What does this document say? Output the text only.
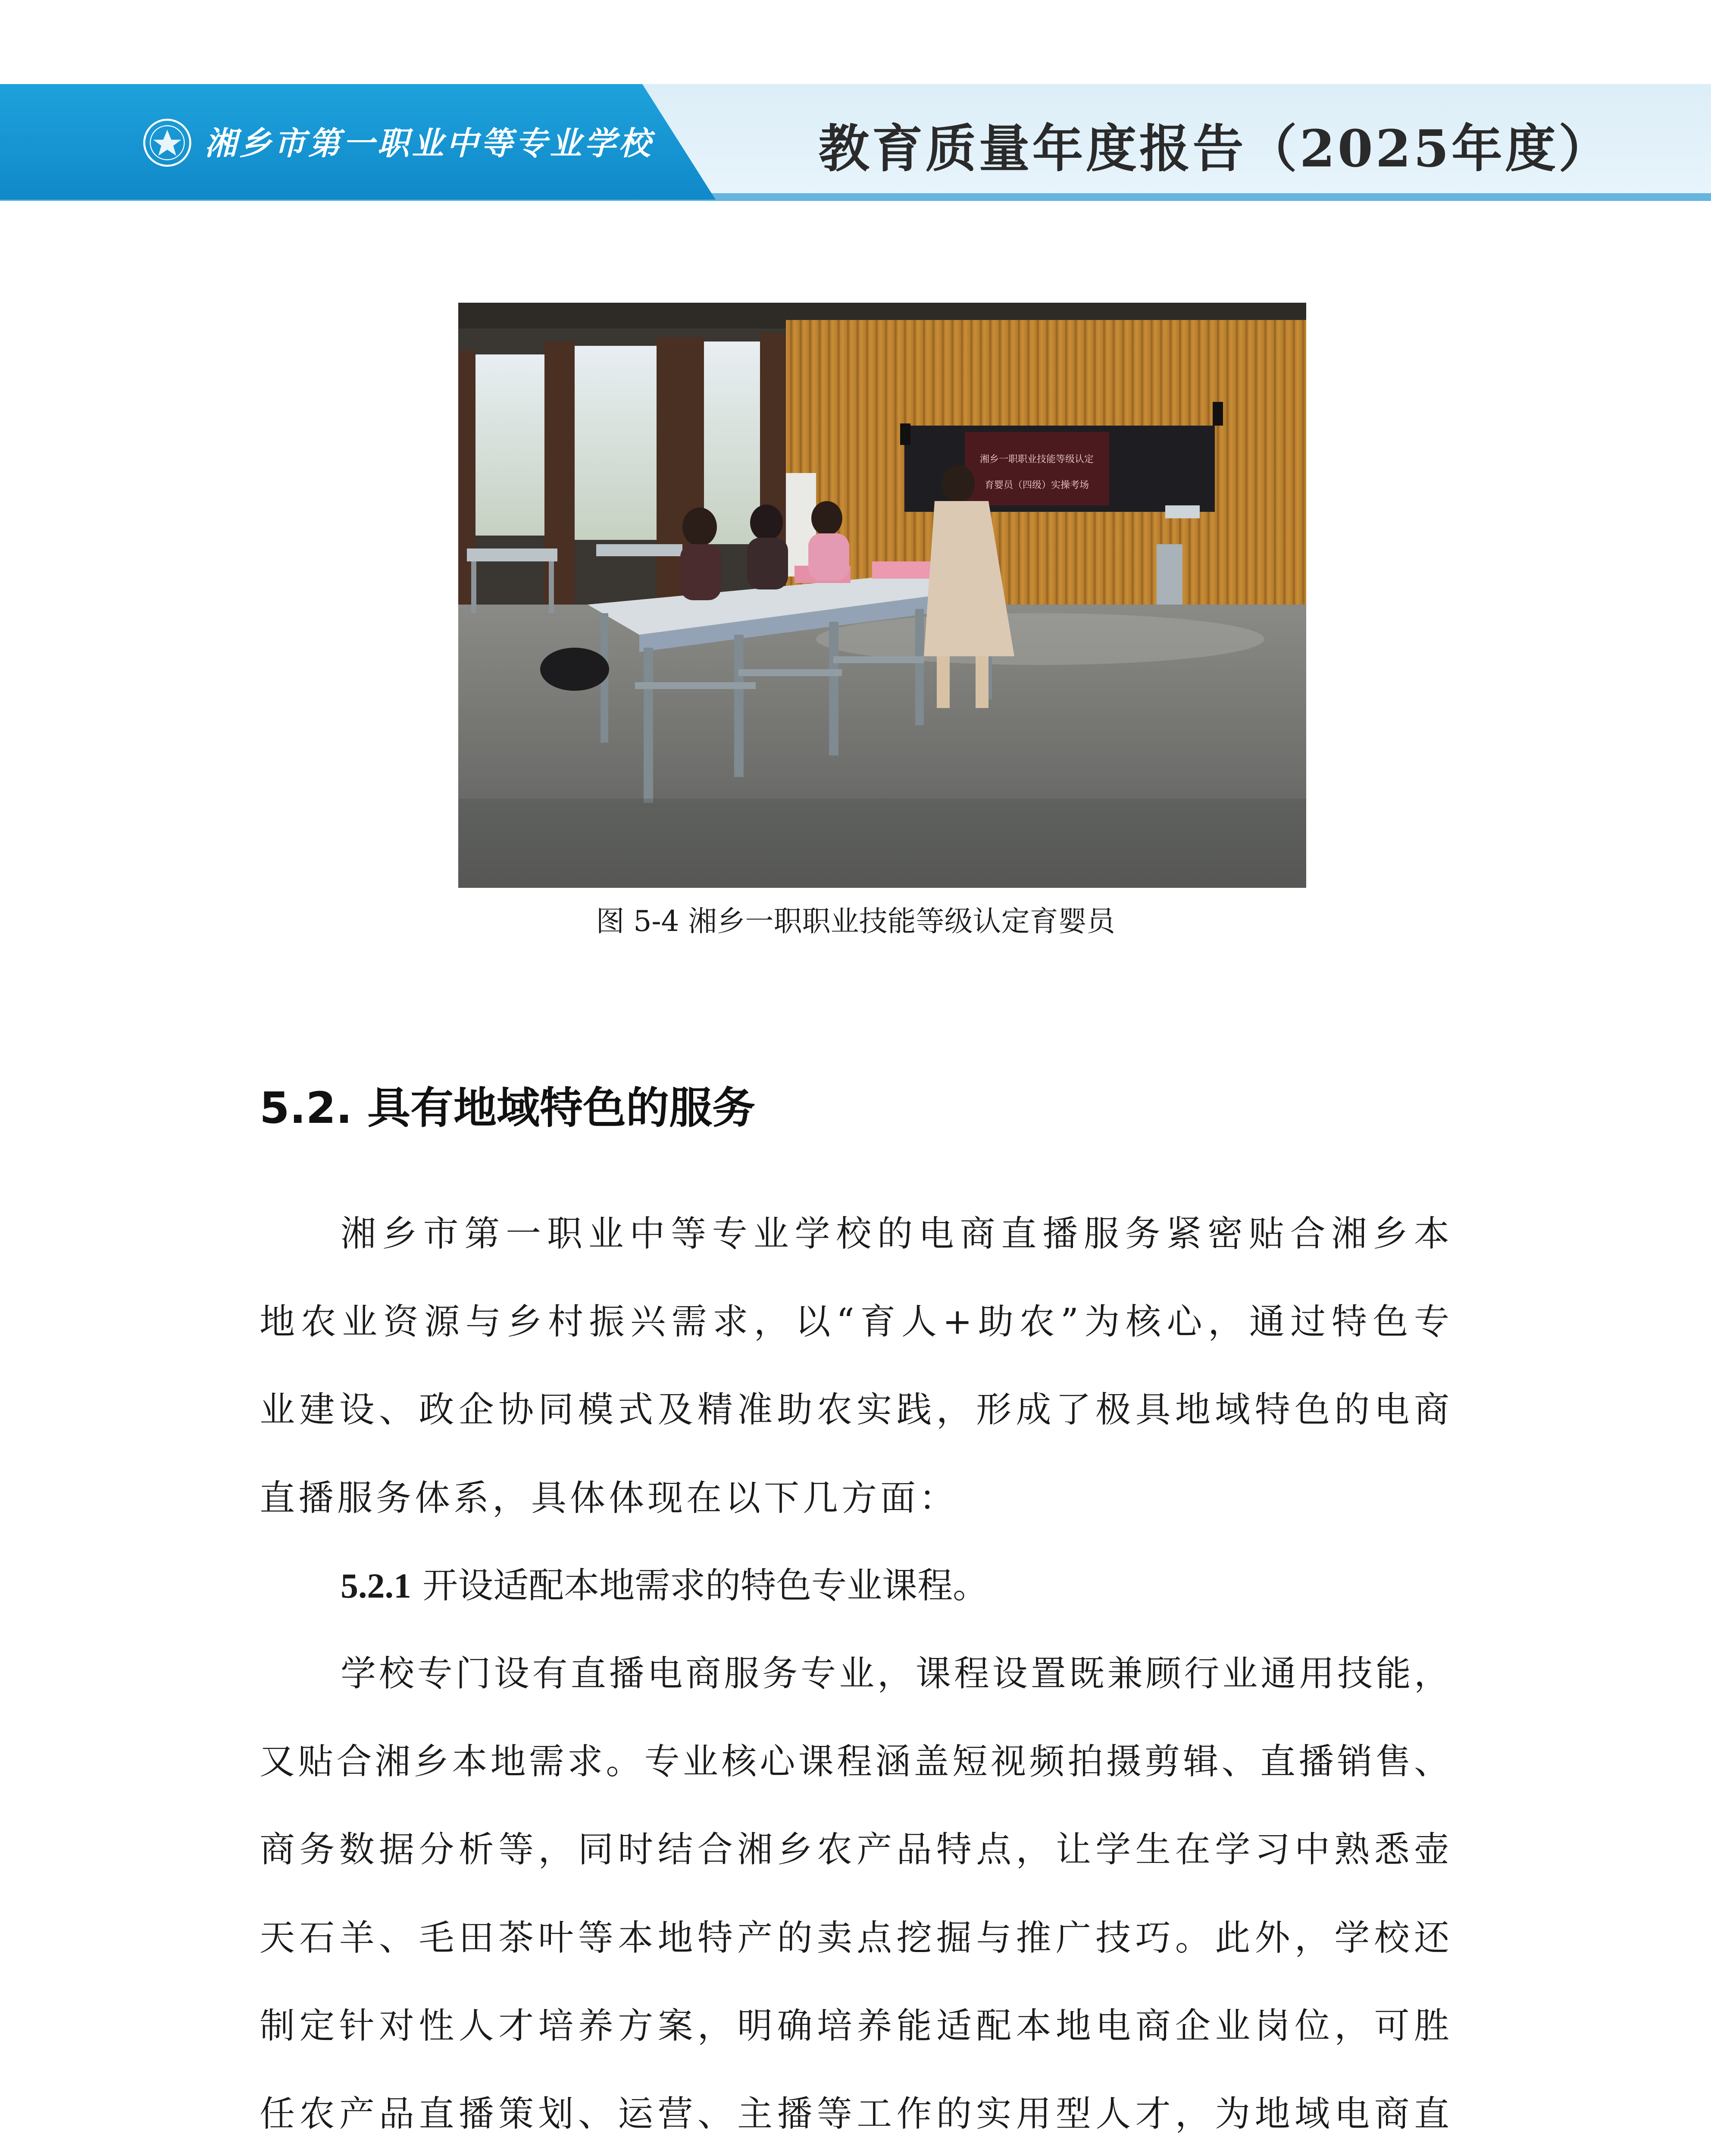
湘乡市第一职业中等专业学校	教育质量年度报告（2025年度）
湘乡一职职业技能等级认定
育婴员（四级）实操考场
图 5-4 湘乡一职职业技能等级认定育婴员
5.2. 具有地域特色的服务
湘乡市第一职业中等专业学校的电商直播服务紧密贴合湘乡本
地农业资源与乡村振兴需求，以“育人+助农”为核心，通过特色专
业建设、政企协同模式及精准助农实践，形成了极具地域特色的电商
直播服务体系，具体体现在以下几方面：
5.2.1 开设适配本地需求的特色专业课程。
学校专门设有直播电商服务专业，课程设置既兼顾行业通用技能，
又贴合湘乡本地需求。专业核心课程涵盖短视频拍摄剪辑、直播销售、
商务数据分析等，同时结合湘乡农产品特点，让学生在学习中熟悉壶
天石羊、毛田茶叶等本地特产的卖点挖掘与推广技巧。此外，学校还
制定针对性人才培养方案，明确培养能适配本地电商企业岗位，可胜
任农产品直播策划、运营、主播等工作的实用型人才，为地域电商直
